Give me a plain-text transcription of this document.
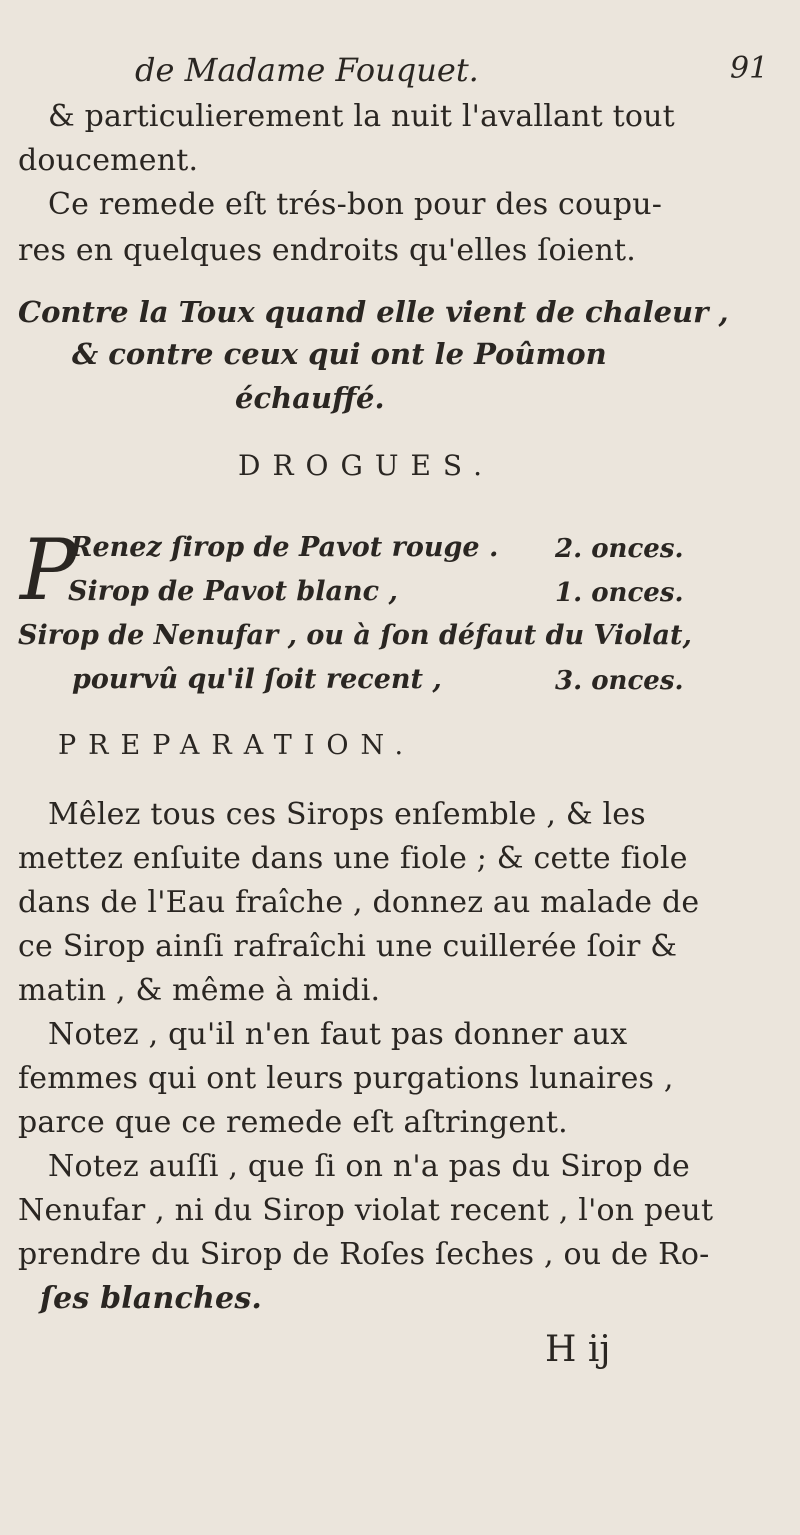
de Madame Fouquet.	91
& particulierement la nuit l'avallant tout
doucement.
Ce remede eſt trés-bon pour des coupu-
res en quelques endroits qu'elles ſoient.
Contre la Toux quand elle vient de chaleur ,
& contre ceux qui ont le Poûmon
échauffé.
DROGUES.
P
Renez ſirop de Pavot rouge . 2. onces.
Sirop de Pavot blanc ,	1. onces.
Sirop de Nenufar , ou à ſon défaut du Violat,
pourvû qu'il ſoit recent ,	3. onces.
PREPARATION.
Mêlez tous ces Sirops enſemble , & les
mettez enſuite dans une fiole ; & cette fiole
dans de l'Eau fraîche , donnez au malade de
ce Sirop ainſi rafraîchi une cuillerée ſoir &
matin , & même à midi.
Notez , qu'il n'en faut pas donner aux
femmes qui ont leurs purgations lunaires ,
parce que ce remede eſt aſtringent.
Notez auſſi , que ſi on n'a pas du Sirop de
Nenufar , ni du Sirop violat recent , l'on peut
prendre du Sirop de Roſes ſeches , ou de Ro-
ſes blanches.
H ij
